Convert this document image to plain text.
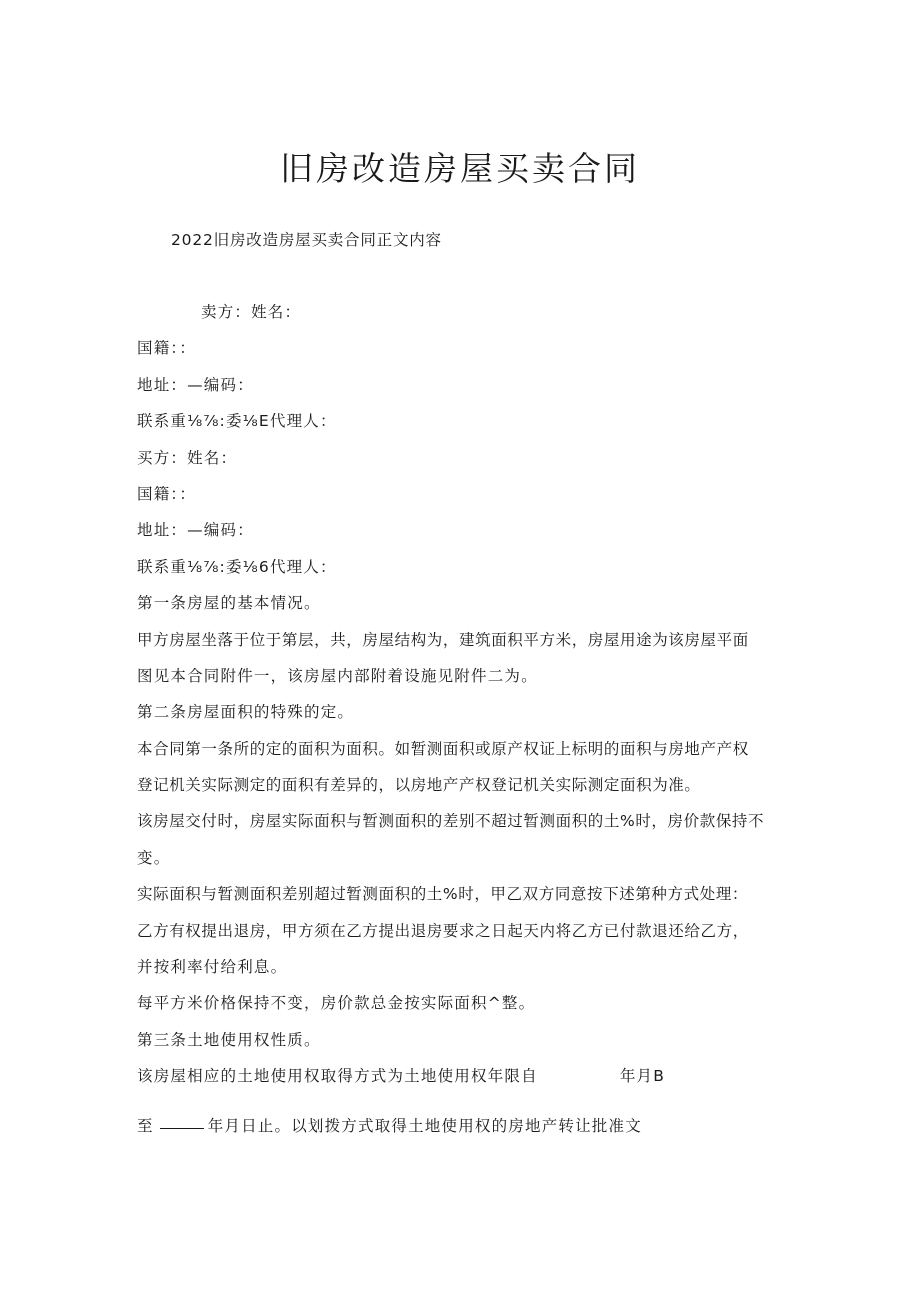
旧房改造房屋买卖合同
2022旧房改造房屋买卖合同正文内容
卖方：姓名：
国籍：：
地址：—编码：
联系重⅛⅞:委⅛E代理人：
买方：姓名：
国籍：：
地址：—编码：
联系重⅛⅞:委⅛6代理人：
第一条房屋的基本情况。
甲方房屋坐落于位于第层，共，房屋结构为，建筑面积平方米，房屋用途为该房屋平面
图见本合同附件一，该房屋内部附着设施见附件二为。
第二条房屋面积的特殊的定。
本合同第一条所的定的面积为面积。如暂测面积或原产权证上标明的面积与房地产产权
登记机关实际测定的面积有差异的，以房地产产权登记机关实际测定面积为准。
该房屋交付时，房屋实际面积与暂测面积的差别不超过暂测面积的土%时，房价款保持不
变。
实际面积与暂测面积差别超过暂测面积的土%时，甲乙双方同意按下述第种方式处理：
乙方有权提出退房，甲方须在乙方提出退房要求之日起天内将乙方已付款退还给乙方，
并按利率付给利息。
每平方米价格保持不变，房价款总金按实际面积^整。
第三条土地使用权性质。
该房屋相应的土地使用权取得方式为土地使用权年限自	年月B
至	年月日止。以划拨方式取得土地使用权的房地产转让批准文
